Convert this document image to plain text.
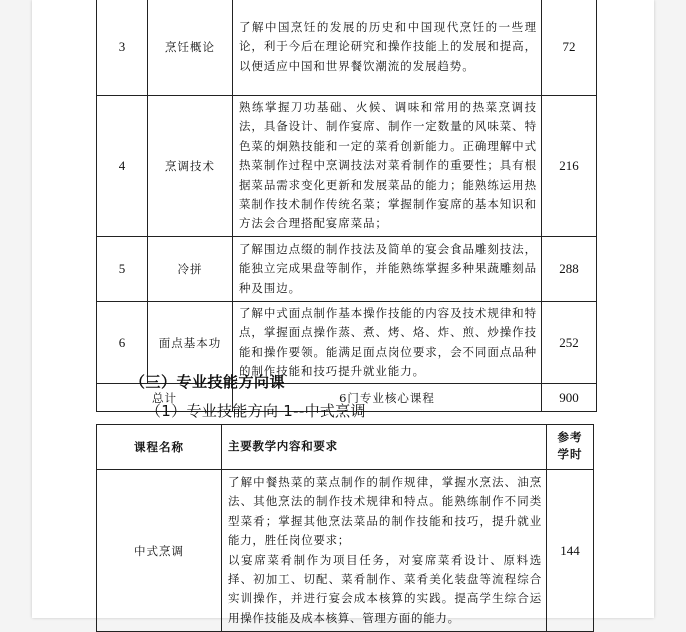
3	烹饪概论	了解中国烹饪的发展的历史和中国现代烹饪的一些理论，利于今后在理论研究和操作技能上的发展和提高，以便适应中国和世界餐饮潮流的发展趋势。	72
4	烹调技术	熟练掌握刀功基础、火候、调味和常用的热菜烹调技法，具备设计、制作宴席、制作一定数量的风味菜、特色菜的炯熟技能和一定的菜肴创新能力。正确理解中式热菜制作过程中烹调技法对菜肴制作的重要性；具有根据菜品需求变化更新和发展菜品的能力；能熟练运用热菜制作技术制作传统名菜；掌握制作宴席的基本知识和方法会合理搭配宴席菜品；	216
5	冷拼	了解围边点缀的制作技法及简单的宴会食品雕刻技法，能独立完成果盘等制作，并能熟练掌握多种果蔬雕刻品种及围边。	288
6	面点基本功	了解中式面点制作基本操作技能的内容及技术规律和特点，掌握面点操作蒸、煮、烤、烙、炸、煎、炒操作技能和操作要领。能满足面点岗位要求，会不同面点品种的制作技能和技巧提升就业能力。	252
总计		6门专业核心课程	900
（三）专业技能方向课
（1）专业技能方向 1--中式烹调
课程名称	主要教学内容和要求	参考
学时

中式烹调	了解中餐热菜的菜点制作的制作规律，掌握水烹法、油烹法、其他烹法的制作技术规律和特点。能熟练制作不同类型菜肴；掌握其他烹法菜品的制作技能和技巧，提升就业能力，胜任岗位要求；
以宴席菜肴制作为项目任务，对宴席菜肴设计、原料选择、初加工、切配、菜肴制作、菜肴美化装盘等流程综合实训操作，并进行宴会成本核算的实践。提高学生综合运用操作技能及成本核算、管理方面的能力。	144
